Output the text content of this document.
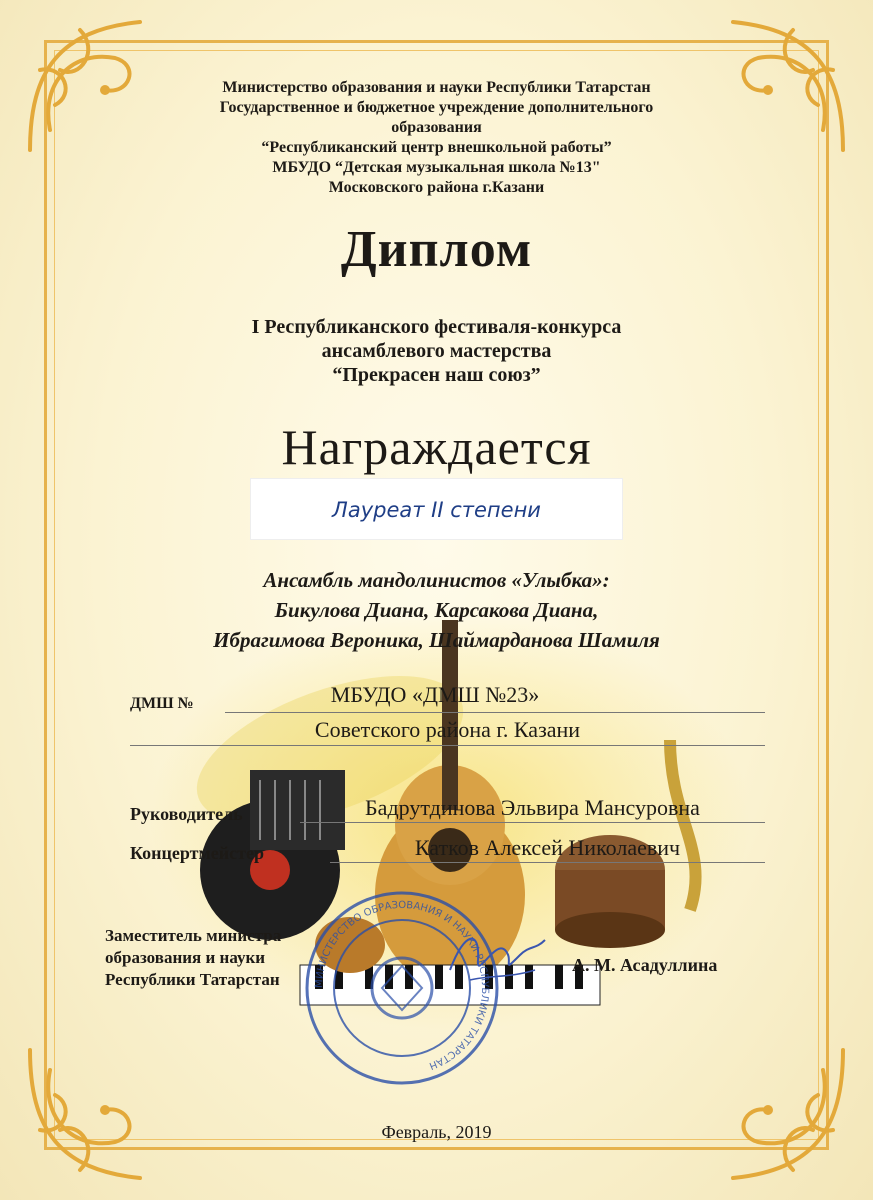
Министерство образования и науки Республики Татарстан
Государственное и бюджетное учреждение дополнительного
образования
“Республиканский центр внешкольной работы”
МБУДО “Детская музыкальная школа №13"
Московского района г.Казани
Диплом
I Республиканского фестиваля-конкурса
ансамблевого мастерства
“Прекрасен наш союз”
Награждается
Лауреат II степени
Ансамбль мандолинистов «Улыбка»:
Бикулова Диана, Карсакова Диана,
Ибрагимова Вероника, Шаймарданова Шамиля
ДМШ №	МБУДО «ДМШ №23»
Советского района г. Казани
Руководитель	Бадрутдинова Эльвира Мансуровна
Концертмейстер	Катков Алексей Николаевич
МИНИСТЕРСТВО ОБРАЗОВАНИЯ И НАУКИ РЕСПУБЛИКИ ТАТАРСТАН
Заместитель министра
образования и науки
Республики Татарстан
А. М. Асадуллина
Февраль, 2019
